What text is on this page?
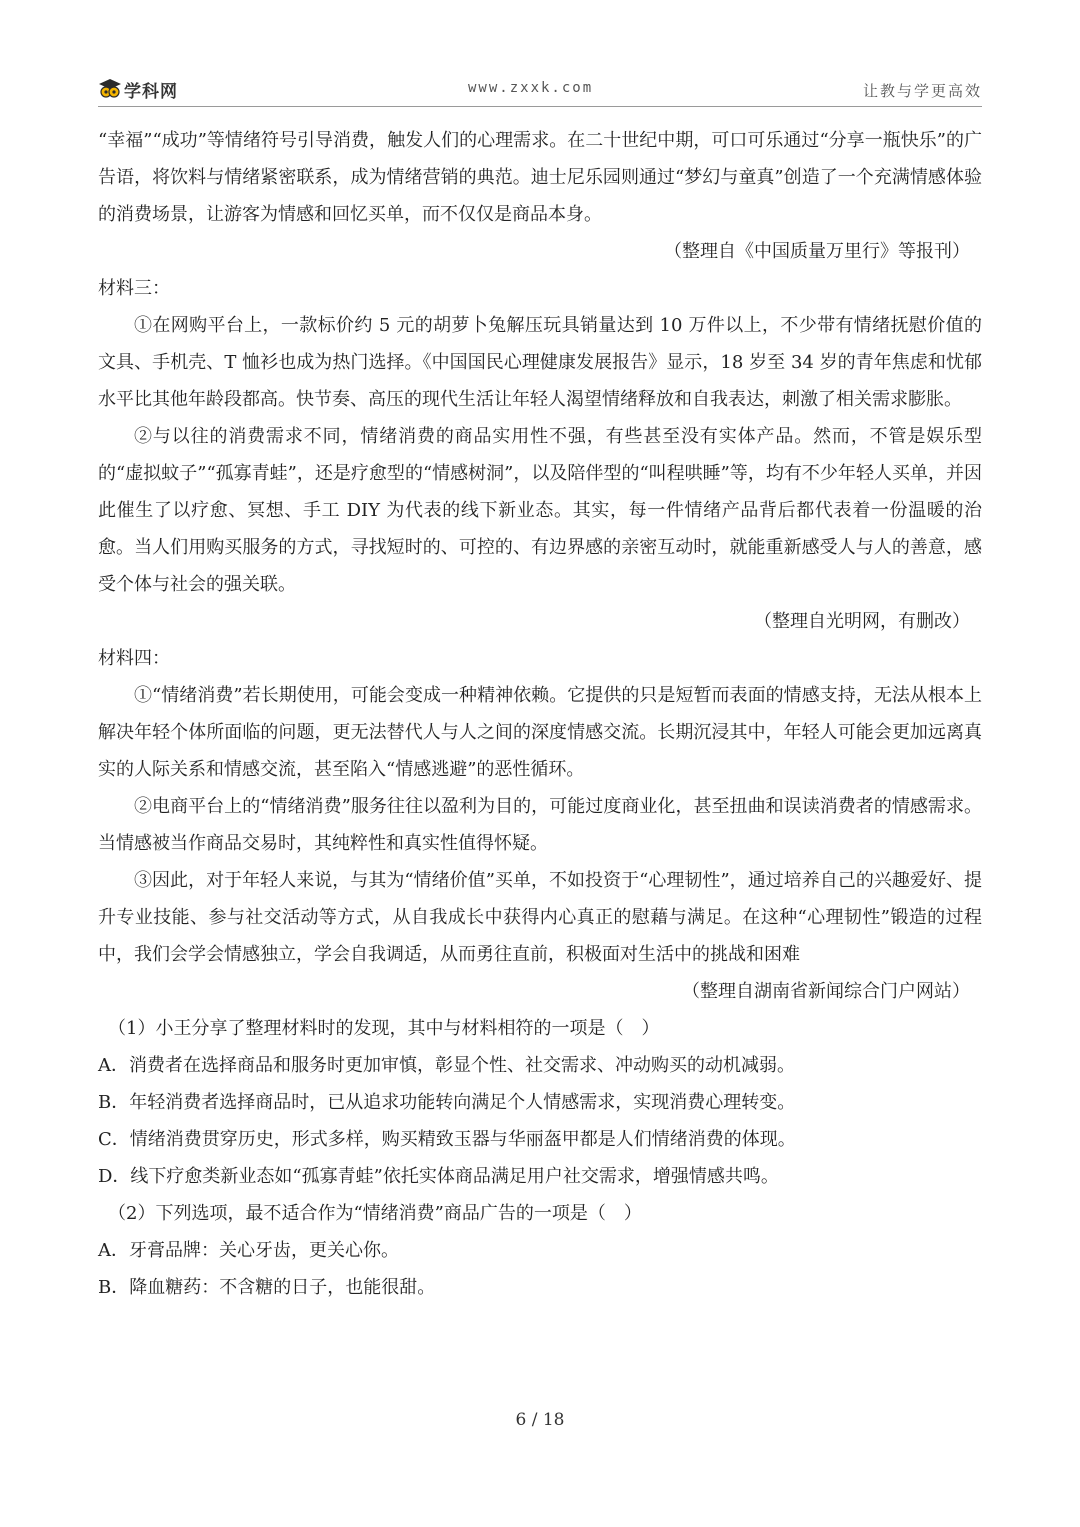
学科网	www.zxxk.com	让教与学更高效

“幸福”“成功”等情绪符号引导消费，触发人们的心理需求。在二十世纪中期，可口可乐通过“分享一瓶快乐”的广告语，将饮料与情绪紧密联系，成为情绪营销的典范。迪士尼乐园则通过“梦幻与童真”创造了一个充满情感体验的消费场景，让游客为情感和回忆买单，而不仅仅是商品本身。

（整理自《中国质量万里行》等报刊）

材料三：

①在网购平台上，一款标价约 5 元的胡萝卜兔解压玩具销量达到 10 万件以上，不少带有情绪抚慰价值的文具、手机壳、T 恤衫也成为热门选择。《中国国民心理健康发展报告》显示，18 岁至 34 岁的青年焦虑和忧郁水平比其他年龄段都高。快节奏、高压的现代生活让年轻人渴望情绪释放和自我表达，刺激了相关需求膨胀。

②与以往的消费需求不同，情绪消费的商品实用性不强，有些甚至没有实体产品。然而，不管是娱乐型的“虚拟蚊子”“孤寡青蛙”，还是疗愈型的“情感树洞”，以及陪伴型的“叫程哄睡”等，均有不少年轻人买单，并因此催生了以疗愈、冥想、手工 DIY 为代表的线下新业态。其实，每一件情绪产品背后都代表着一份温暖的治愈。当人们用购买服务的方式，寻找短时的、可控的、有边界感的亲密互动时，就能重新感受人与人的善意，感受个体与社会的强关联。

（整理自光明网，有删改）

材料四：

①“情绪消费”若长期使用，可能会变成一种精神依赖。它提供的只是短暂而表面的情感支持，无法从根本上解决年轻个体所面临的问题，更无法替代人与人之间的深度情感交流。长期沉浸其中，年轻人可能会更加远离真实的人际关系和情感交流，甚至陷入“情感逃避”的恶性循环。

②电商平台上的“情绪消费”服务往往以盈利为目的，可能过度商业化，甚至扭曲和误读消费者的情感需求。当情感被当作商品交易时，其纯粹性和真实性值得怀疑。

③因此，对于年轻人来说，与其为“情绪价值”买单，不如投资于“心理韧性”，通过培养自己的兴趣爱好、提升专业技能、参与社交活动等方式，从自我成长中获得内心真正的慰藉与满足。在这种“心理韧性”锻造的过程中，我们会学会情感独立，学会自我调适，从而勇往直前，积极面对生活中的挑战和困难

（整理自湖南省新闻综合门户网站）

（1）小王分享了整理材料时的发现，其中与材料相符的一项是（　）

A．消费者在选择商品和服务时更加审慎，彰显个性、社交需求、冲动购买的动机减弱。

B．年轻消费者选择商品时，已从追求功能转向满足个人情感需求，实现消费心理转变。

C．情绪消费贯穿历史，形式多样，购买精致玉器与华丽盔甲都是人们情绪消费的体现。

D．线下疗愈类新业态如“孤寡青蛙”依托实体商品满足用户社交需求，增强情感共鸣。

（2）下列选项，最不适合作为“情绪消费”商品广告的一项是（　）

A．牙膏品牌：关心牙齿，更关心你。

B．降血糖药：不含糖的日子，也能很甜。

6 / 18
